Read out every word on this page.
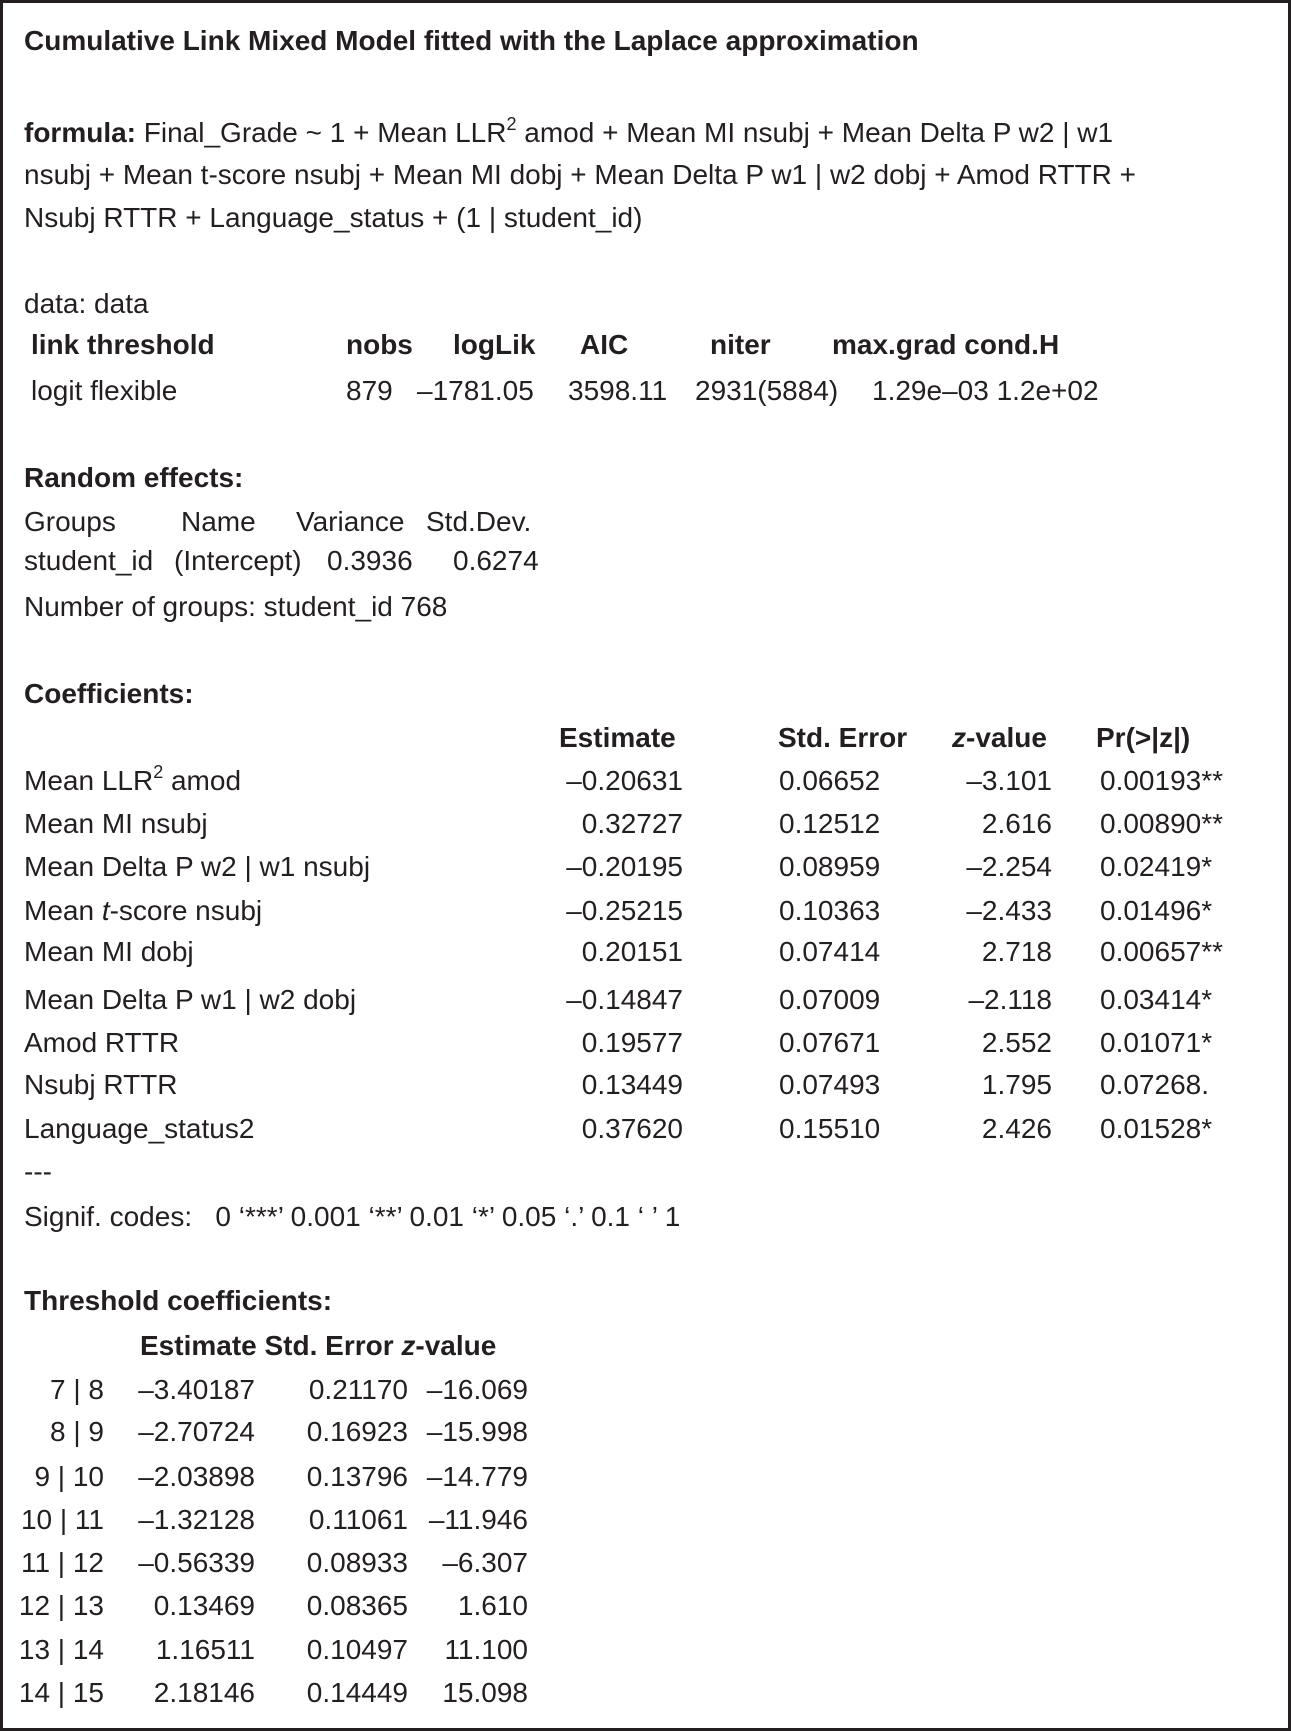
Cumulative Link Mixed Model fitted with the Laplace approximation
formula: Final_Grade ~ 1 + Mean LLR$^2$ amod + Mean MI nsubj + Mean Delta P w2 | w1
nsubj + Mean t-score nsubj + Mean MI dobj + Mean Delta P w1 | w2 dobj + Amod RTTR +
Nsubj RTTR + Language_status + (1 | student_id)
data: data
link threshold	nobs logLik AIC	niter max.grad cond.H
logit flexible	879 –1781.05 3598.11 2931(5884) 1.29e–03 1.2e+02
Random effects:
Groups Name Variance Std.Dev.
student_id (Intercept) 0.3936 0.6274
Number of groups: student_id 768
Coefficients:
Estimate	Std. Error z-value Pr(>|z|)
Mean LLR$^2$ amod	–0.20631	0.06652	–3.101 0.00193**
Mean MI nsubj	0.32727	0.12512	2.616 0.00890**
Mean Delta P w2 | w1 nsubj	–0.20195	0.08959	–2.254 0.02419*
Mean t-score nsubj	–0.25215	0.10363	–2.433 0.01496*
Mean MI dobj	0.20151	0.07414	2.718 0.00657**
Mean Delta P w1 | w2 dobj	–0.14847	0.07009	–2.118 0.03414*
Amod RTTR	0.19577	0.07671	2.552 0.01071*
Nsubj RTTR	0.13449	0.07493	1.795 0.07268.
Language_status2	0.37620	0.15510	2.426 0.01528*
---
Signif. codes:   0 ‘***’ 0.001 ‘**’ 0.01 ‘*’ 0.05 ‘.’ 0.1 ‘ ’ 1
Threshold coefficients:
Estimate Std. Error z-value
7 | 8 –3.40187 0.21170 –16.069
8 | 9 –2.70724 0.16923 –15.998
9 | 10 –2.03898 0.13796 –14.779
10 | 11 –1.32128 0.11061 –11.946
11 | 12 –0.56339 0.08933 –6.307
12 | 13 0.13469 0.08365 1.610
13 | 14 1.16511 0.10497 11.100
14 | 15 2.18146 0.14449 15.098
